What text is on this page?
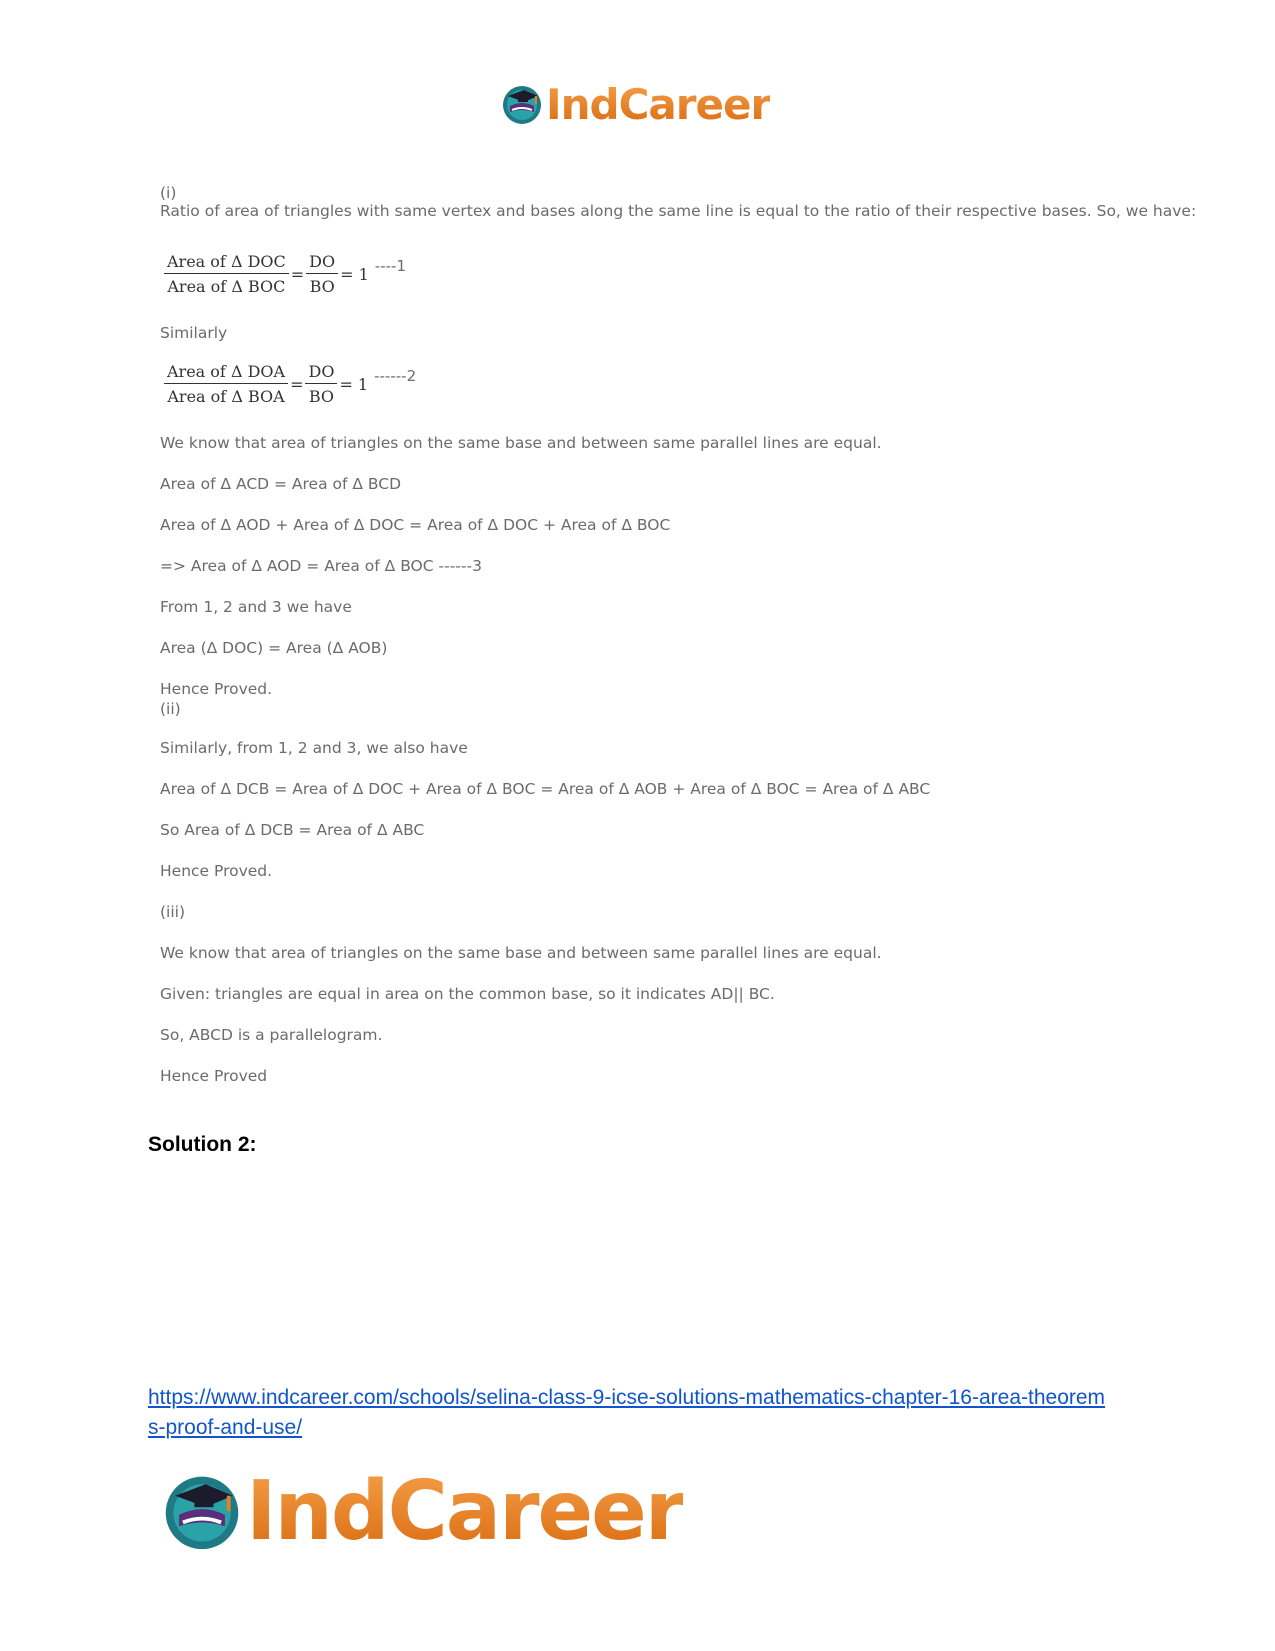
IndCareer
(i)
Ratio of area of triangles with same vertex and bases along the same line is equal to the ratio of their respective bases. So, we have:
$\frac{\text{Area of Δ DOC}}{\text{Area of Δ BOC}} = \frac{DO}{BO} = 1$ ----1
Similarly
$\frac{\text{Area of Δ DOA}}{\text{Area of Δ BOA}} = \frac{DO}{BO} = 1$ ------2
We know that area of triangles on the same base and between same parallel lines are equal.
Area of Δ ACD = Area of Δ BCD
Area of Δ AOD + Area of Δ DOC = Area of Δ DOC + Area of Δ BOC
=> Area of Δ AOD = Area of Δ BOC ------3
From 1, 2 and 3 we have
Area (Δ DOC) = Area (Δ AOB)
Hence Proved.
(ii)
Similarly, from 1, 2 and 3, we also have
Area of Δ DCB = Area of Δ DOC + Area of Δ BOC = Area of Δ AOB + Area of Δ BOC = Area of Δ ABC
So Area of Δ DCB = Area of Δ ABC
Hence Proved.
(iii)
We know that area of triangles on the same base and between same parallel lines are equal.
Given: triangles are equal in area on the common base, so it indicates AD|| BC.
So, ABCD is a parallelogram.
Hence Proved
Solution 2:
https://www.indcareer.com/schools/selina-class-9-icse-solutions-mathematics-chapter-16-area-theorems-proof-and-use/
IndCareer
